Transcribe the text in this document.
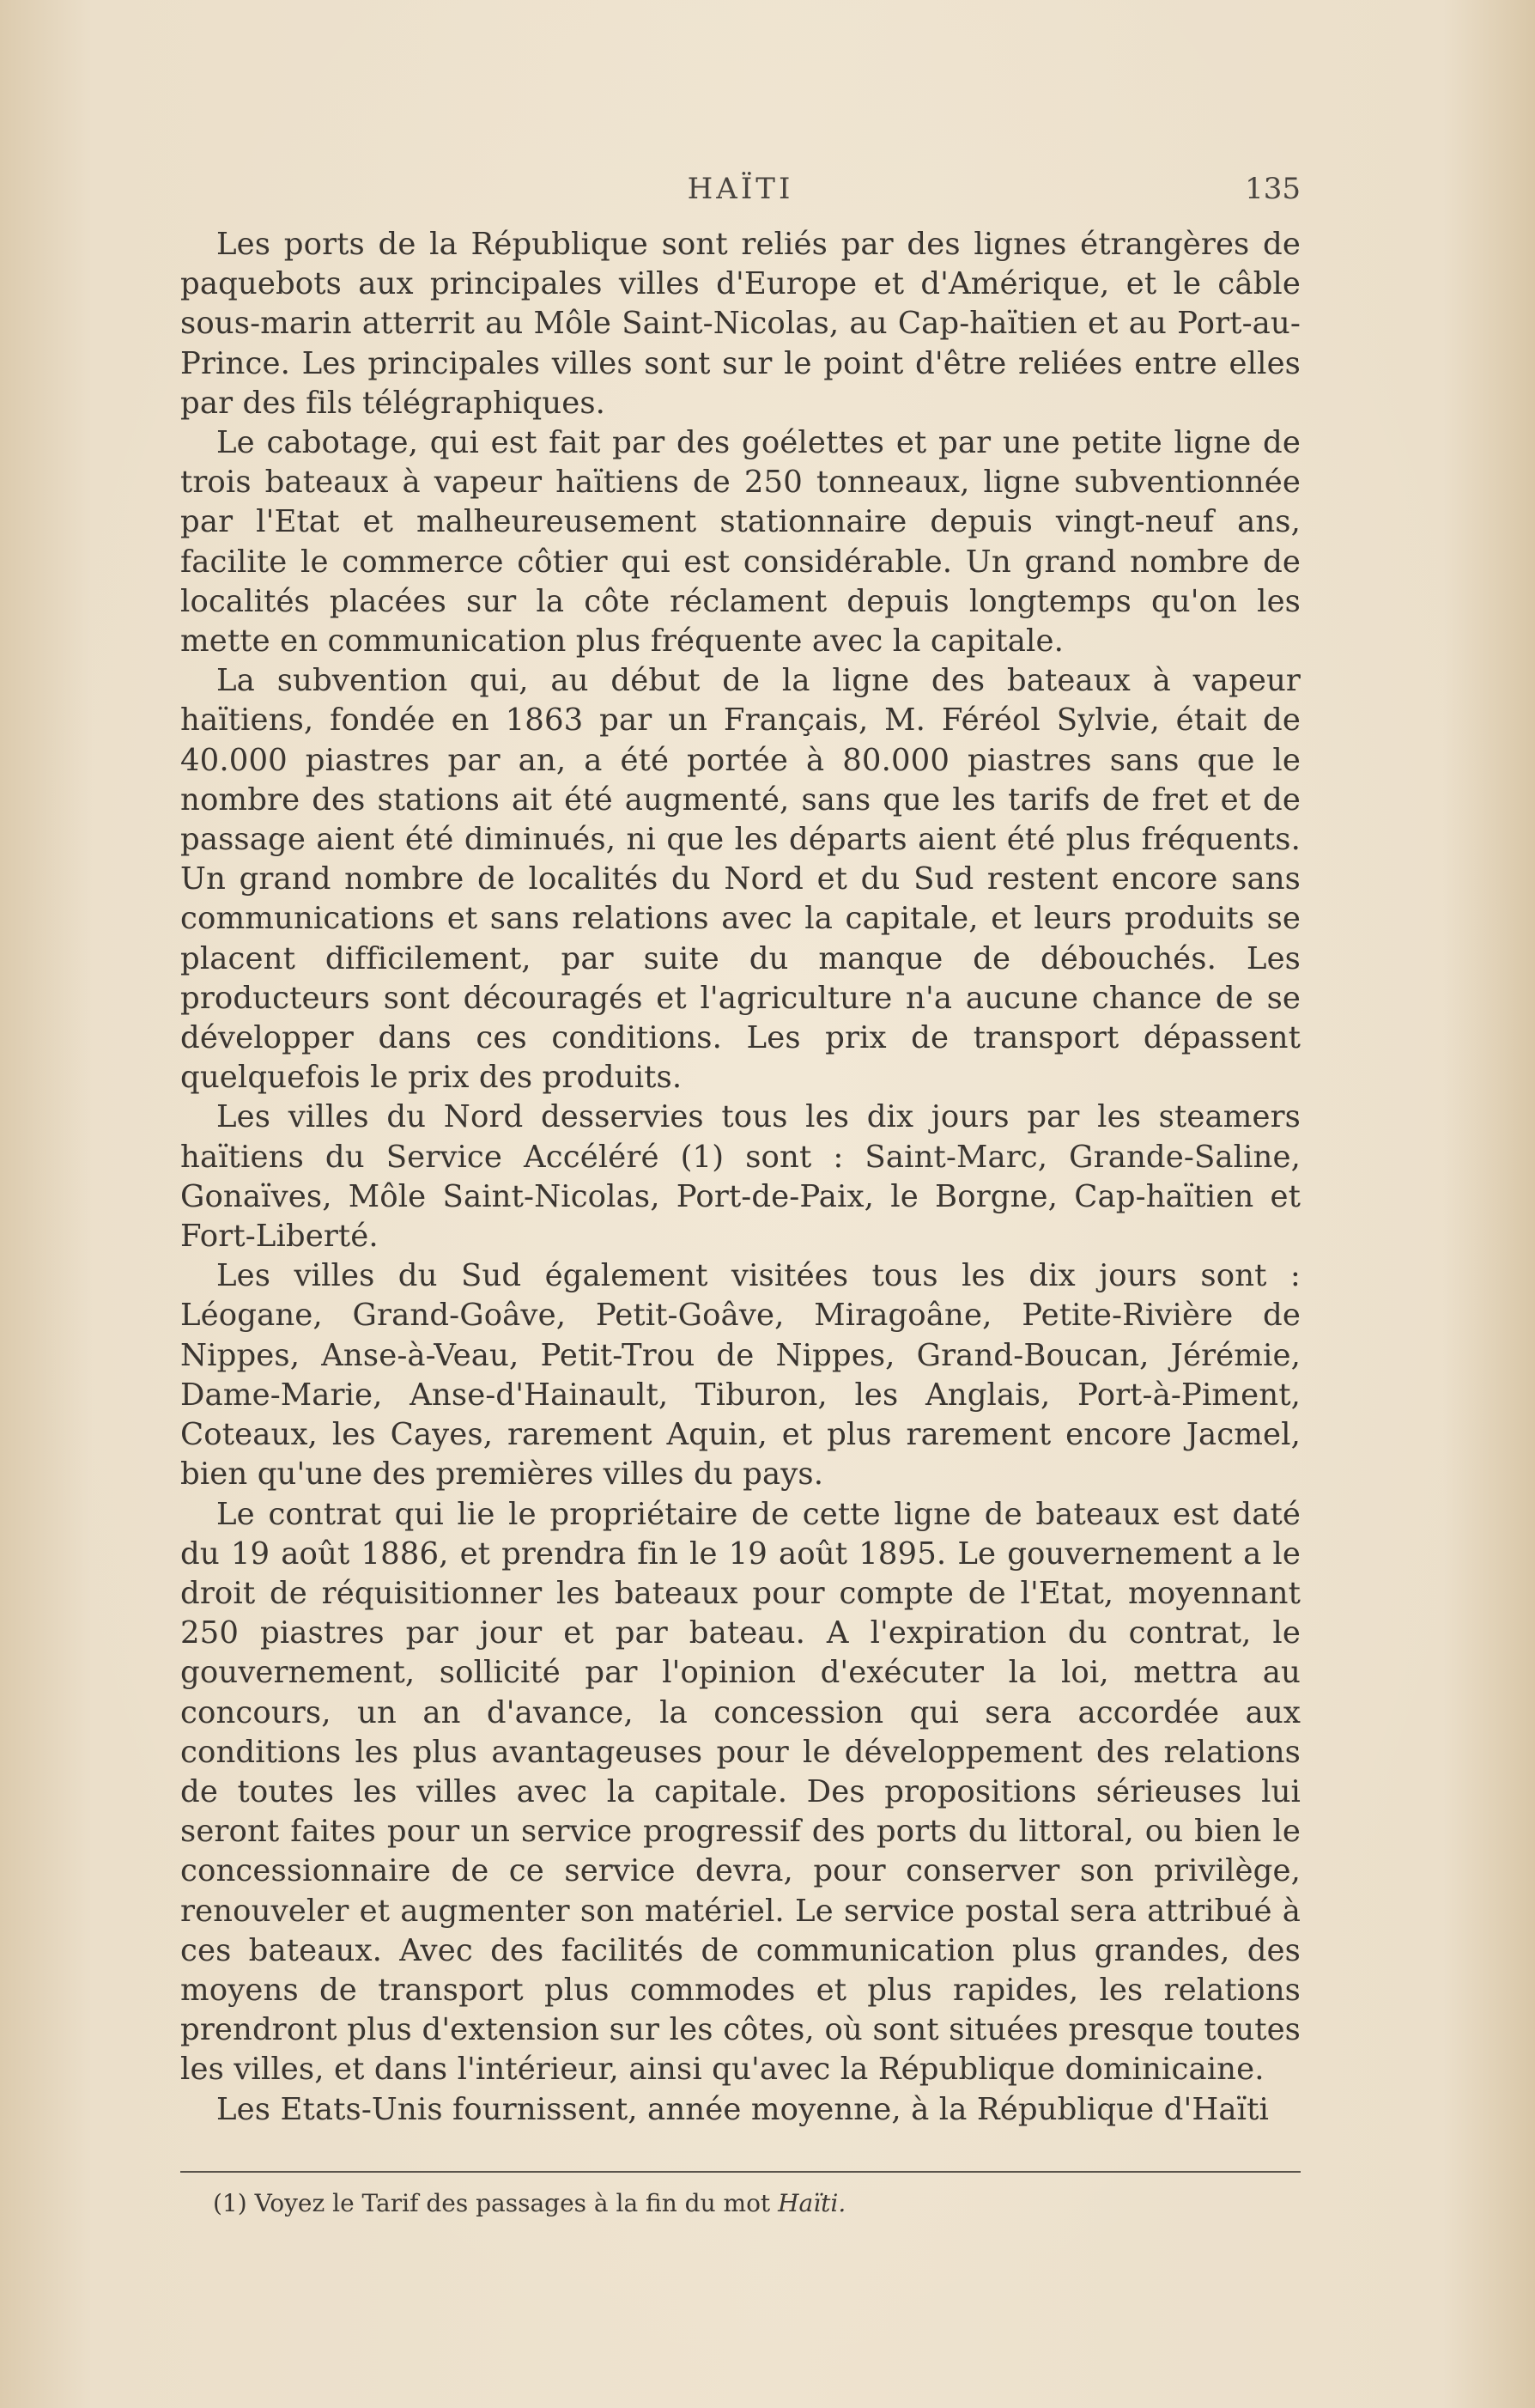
HAÏTI	135

Les ports de la République sont reliés par des lignes étrangères de paquebots aux principales villes d'Europe et d'Amérique, et le câble sous-marin atterrit au Môle Saint-Nicolas, au Cap-haïtien et au Port-au-Prince. Les principales villes sont sur le point d'être reliées entre elles par des fils télégraphiques.

Le cabotage, qui est fait par des goélettes et par une petite ligne de trois bateaux à vapeur haïtiens de 250 tonneaux, ligne subventionnée par l'Etat et malheureusement stationnaire depuis vingt-neuf ans, facilite le commerce côtier qui est considérable. Un grand nombre de localités placées sur la côte réclament depuis longtemps qu'on les mette en communication plus fréquente avec la capitale.

La subvention qui, au début de la ligne des bateaux à vapeur haïtiens, fondée en 1863 par un Français, M. Féréol Sylvie, était de 40.000 piastres par an, a été portée à 80.000 piastres sans que le nombre des stations ait été augmenté, sans que les tarifs de fret et de passage aient été diminués, ni que les départs aient été plus fréquents. Un grand nombre de localités du Nord et du Sud restent encore sans communications et sans relations avec la capitale, et leurs produits se placent difficilement, par suite du manque de débouchés. Les producteurs sont découragés et l'agriculture n'a aucune chance de se développer dans ces conditions. Les prix de transport dépassent quelquefois le prix des produits.

Les villes du Nord desservies tous les dix jours par les steamers haïtiens du Service Accéléré (1) sont : Saint-Marc, Grande-Saline, Gonaïves, Môle Saint-Nicolas, Port-de-Paix, le Borgne, Cap-haïtien et Fort-Liberté.

Les villes du Sud également visitées tous les dix jours sont : Léogane, Grand-Goâve, Petit-Goâve, Miragoâne, Petite-Rivière de Nippes, Anse-à-Veau, Petit-Trou de Nippes, Grand-Boucan, Jérémie, Dame-Marie, Anse-d'Hainault, Tiburon, les Anglais, Port-à-Piment, Coteaux, les Cayes, rarement Aquin, et plus rarement encore Jacmel, bien qu'une des premières villes du pays.

Le contrat qui lie le propriétaire de cette ligne de bateaux est daté du 19 août 1886, et prendra fin le 19 août 1895. Le gouvernement a le droit de réquisitionner les bateaux pour compte de l'Etat, moyennant 250 piastres par jour et par bateau. A l'expiration du contrat, le gouvernement, sollicité par l'opinion d'exécuter la loi, mettra au concours, un an d'avance, la concession qui sera accordée aux conditions les plus avantageuses pour le développement des relations de toutes les villes avec la capitale. Des propositions sérieuses lui seront faites pour un service progressif des ports du littoral, ou bien le concessionnaire de ce service devra, pour conserver son privilège, renouveler et augmenter son matériel. Le service postal sera attribué à ces bateaux. Avec des facilités de communication plus grandes, des moyens de transport plus commodes et plus rapides, les relations prendront plus d'extension sur les côtes, où sont situées presque toutes les villes, et dans l'intérieur, ainsi qu'avec la République dominicaine.

Les Etats-Unis fournissent, année moyenne, à la République d'Haïti

(1) Voyez le Tarif des passages à la fin du mot Haïti.
